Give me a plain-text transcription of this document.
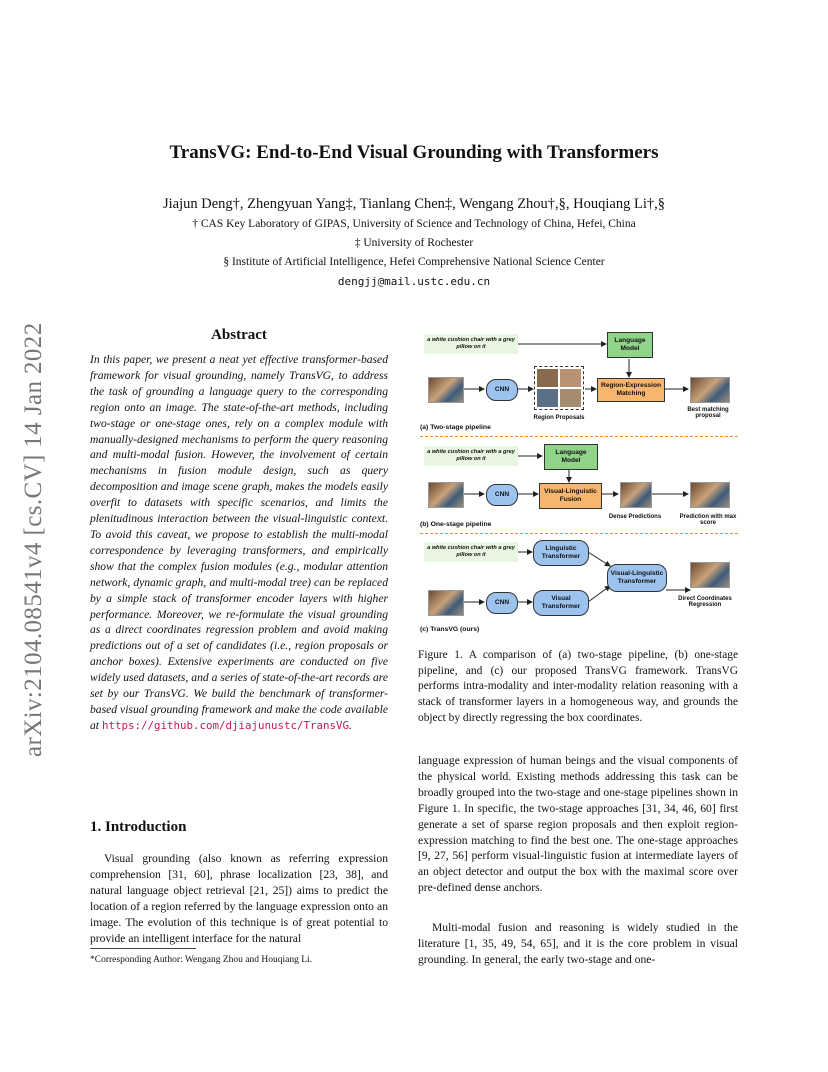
arXiv:2104.08541v4 [cs.CV] 14 Jan 2022
TransVG: End-to-End Visual Grounding with Transformers
Jiajun Deng†, Zhengyuan Yang‡, Tianlang Chen‡, Wengang Zhou†,§, Houqiang Li†,§
† CAS Key Laboratory of GIPAS, University of Science and Technology of China, Hefei, China
‡ University of Rochester
§ Institute of Artificial Intelligence, Hefei Comprehensive National Science Center
dengjj@mail.ustc.edu.cn
Abstract
In this paper, we present a neat yet effective transformer-based framework for visual grounding, namely TransVG, to address the task of grounding a language query to the corresponding region onto an image. The state-of-the-art methods, including two-stage or one-stage ones, rely on a complex module with manually-designed mechanisms to perform the query reasoning and multi-modal fusion. However, the involvement of certain mechanisms in fusion module design, such as query decomposition and image scene graph, makes the models easily overfit to datasets with specific scenarios, and limits the plenitudinous interaction between the visual-linguistic context. To avoid this caveat, we propose to establish the multi-modal correspondence by leveraging transformers, and empirically show that the complex fusion modules (e.g., modular attention network, dynamic graph, and multi-modal tree) can be replaced by a simple stack of transformer encoder layers with higher performance. Moreover, we re-formulate the visual grounding as a direct coordinates regression problem and avoid making predictions out of a set of candidates (i.e., region proposals or anchor boxes). Extensive experiments are conducted on five widely used datasets, and a series of state-of-the-art records are set by our TransVG. We build the benchmark of transformer-based visual grounding framework and make the code available at https://github.com/djiajunustc/TransVG.
1. Introduction
Visual grounding (also known as referring expression comprehension [31, 60], phrase localization [23, 38], and natural language object retrieval [21, 25]) aims to predict the location of a region referred by the language expression onto an image. The evolution of this technique is of great potential to provide an intelligent interface for the natural
*Corresponding Author: Wengang Zhou and Houqiang Li.
a white cushion chair with a grey pillow on it
Language Model
CNN
Region Proposals
Region-Expression Matching
Best matching proposal
(a) Two-stage pipeline
a white cushion chair with a grey pillow on it
Language Model
CNN	Visual-Linguistic Fusion
Dense Predictions	Prediction with max score
(b) One-stage pipeline
a white cushion chair with a grey pillow on it
Linguistic Transformer
Visual-Linguistic Transformer
Direct Coordinates Regression
CNN
Visual Transformer
(c) TransVG (ours)
Figure 1. A comparison of (a) two-stage pipeline, (b) one-stage pipeline, and (c) our proposed TransVG framework. TransVG performs intra-modality and inter-modality relation reasoning with a stack of transformer layers in a homogeneous way, and grounds the object by directly regressing the box coordinates.
language expression of human beings and the visual components of the physical world. Existing methods addressing this task can be broadly grouped into the two-stage and one-stage pipelines shown in Figure 1. In specific, the two-stage approaches [31, 34, 46, 60] first generate a set of sparse region proposals and then exploit region-expression matching to find the best one. The one-stage approaches [9, 27, 56] perform visual-linguistic fusion at intermediate layers of an object detector and output the box with the maximal score over pre-defined dense anchors.
Multi-modal fusion and reasoning is widely studied in the literature [1, 35, 49, 54, 65], and it is the core problem in visual grounding. In general, the early two-stage and one-
